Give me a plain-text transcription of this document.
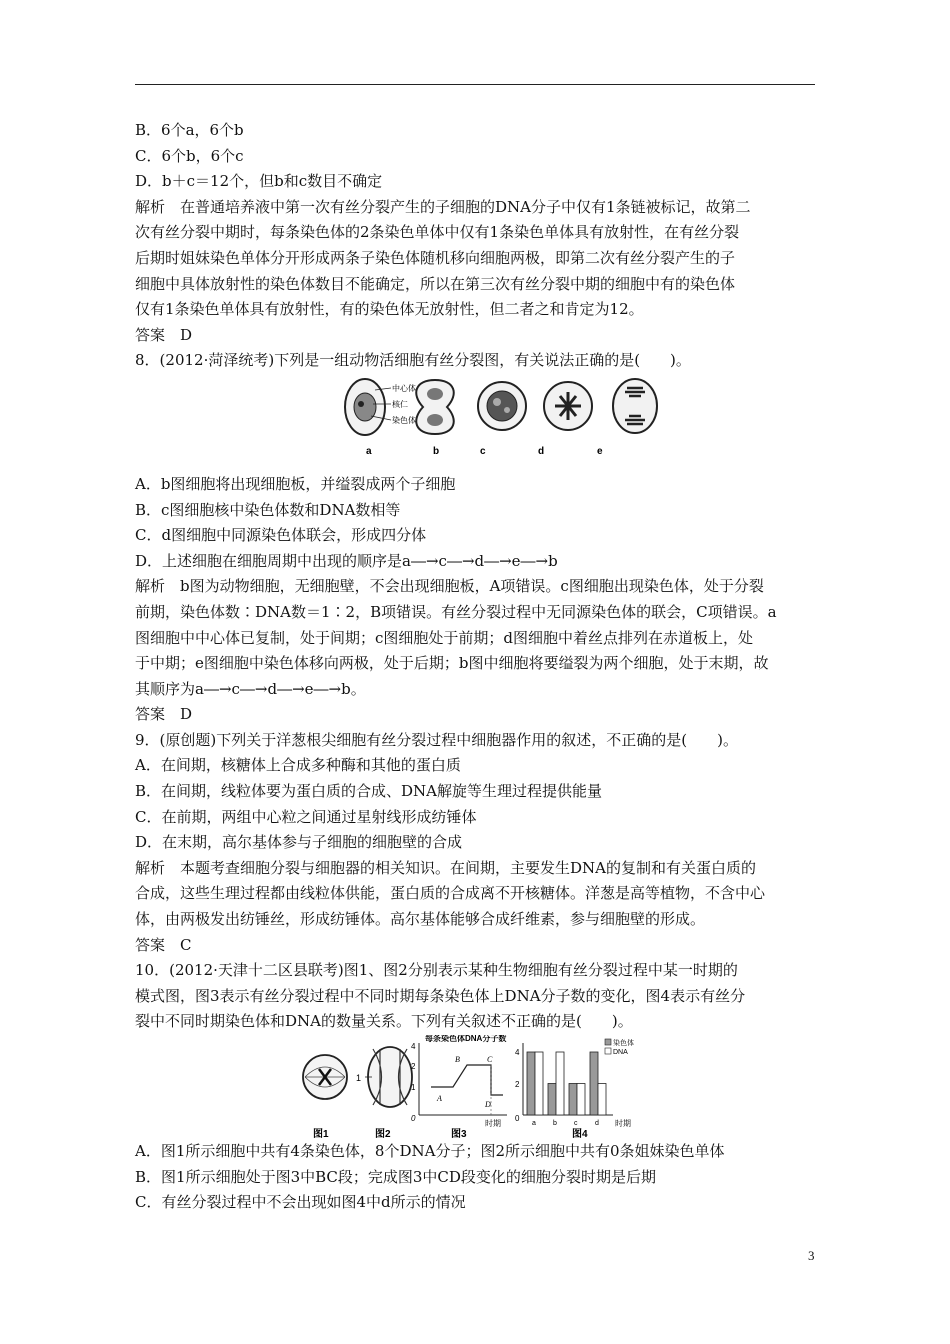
B．6个a，6个b
C．6个b，6个c
D．b＋c＝12个，但b和c数目不确定
解析　在普通培养液中第一次有丝分裂产生的子细胞的DNA分子中仅有1条链被标记，故第二
次有丝分裂中期时，每条染色体的2条染色单体中仅有1条染色单体具有放射性，在有丝分裂
后期时姐妹染色单体分开形成两条子染色体随机移向细胞两极，即第二次有丝分裂产生的子
细胞中具体放射性的染色体数目不能确定，所以在第三次有丝分裂中期的细胞中有的染色体
仅有1条染色单体具有放射性，有的染色体无放射性，但二者之和肯定为12。
答案　D
8．(2012·菏泽统考)下列是一组动物活细胞有丝分裂图，有关说法正确的是(　　)。
中心体
核仁
染色体
a	b	c	d	e
A．b图细胞将出现细胞板，并缢裂成两个子细胞
B．c图细胞核中染色体数和DNA数相等
C．d图细胞中同源染色体联会，形成四分体
D．上述细胞在细胞周期中出现的顺序是a―→c―→d―→e―→b
解析　b图为动物细胞，无细胞壁，不会出现细胞板，A项错误。c图细胞出现染色体，处于分裂
前期，染色体数∶DNA数＝1∶2，B项错误。有丝分裂过程中无同源染色体的联会，C项错误。a
图细胞中中心体已复制，处于间期；c图细胞处于前期；d图细胞中着丝点排列在赤道板上，处
于中期；e图细胞中染色体移向两极，处于后期；b图中细胞将要缢裂为两个细胞，处于末期，故
其顺序为a―→c―→d―→e―→b。
答案　D
9．(原创题)下列关于洋葱根尖细胞有丝分裂过程中细胞器作用的叙述，不正确的是(　　)。
A．在间期，核糖体上合成多种酶和其他的蛋白质
B．在间期，线粒体要为蛋白质的合成、DNA解旋等生理过程提供能量
C．在前期，两组中心粒之间通过星射线形成纺锤体
D．在末期，高尔基体参与子细胞的细胞壁的合成
解析　本题考查细胞分裂与细胞器的相关知识。在间期，主要发生DNA的复制和有关蛋白质的
合成，这些生理过程都由线粒体供能，蛋白质的合成离不开核糖体。洋葱是高等植物，不含中心
体，由两极发出纺锤丝，形成纺锤体。高尔基体能够合成纤维素，参与细胞壁的形成。
答案　C
10．(2012·天津十二区县联考)图1、图2分别表示某种生物细胞有丝分裂过程中某一时期的
模式图，图3表示有丝分裂过程中不同时期每条染色体上DNA分子数的变化，图4表示有丝分
裂中不同时期染色体和DNA的数量关系。下列有关叙述不正确的是(　　)。
1
每条染色体DNA分子数
4
2
1
0
A
B	C
D
时期	a b c	d
4
2
0
染色体
DNA
时期
图1	图2	图3	图4
A．图1所示细胞中共有4条染色体，8个DNA分子；图2所示细胞中共有0条姐妹染色单体
B．图1所示细胞处于图3中BC段；完成图3中CD段变化的细胞分裂时期是后期
C．有丝分裂过程中不会出现如图4中d所示的情况
3
